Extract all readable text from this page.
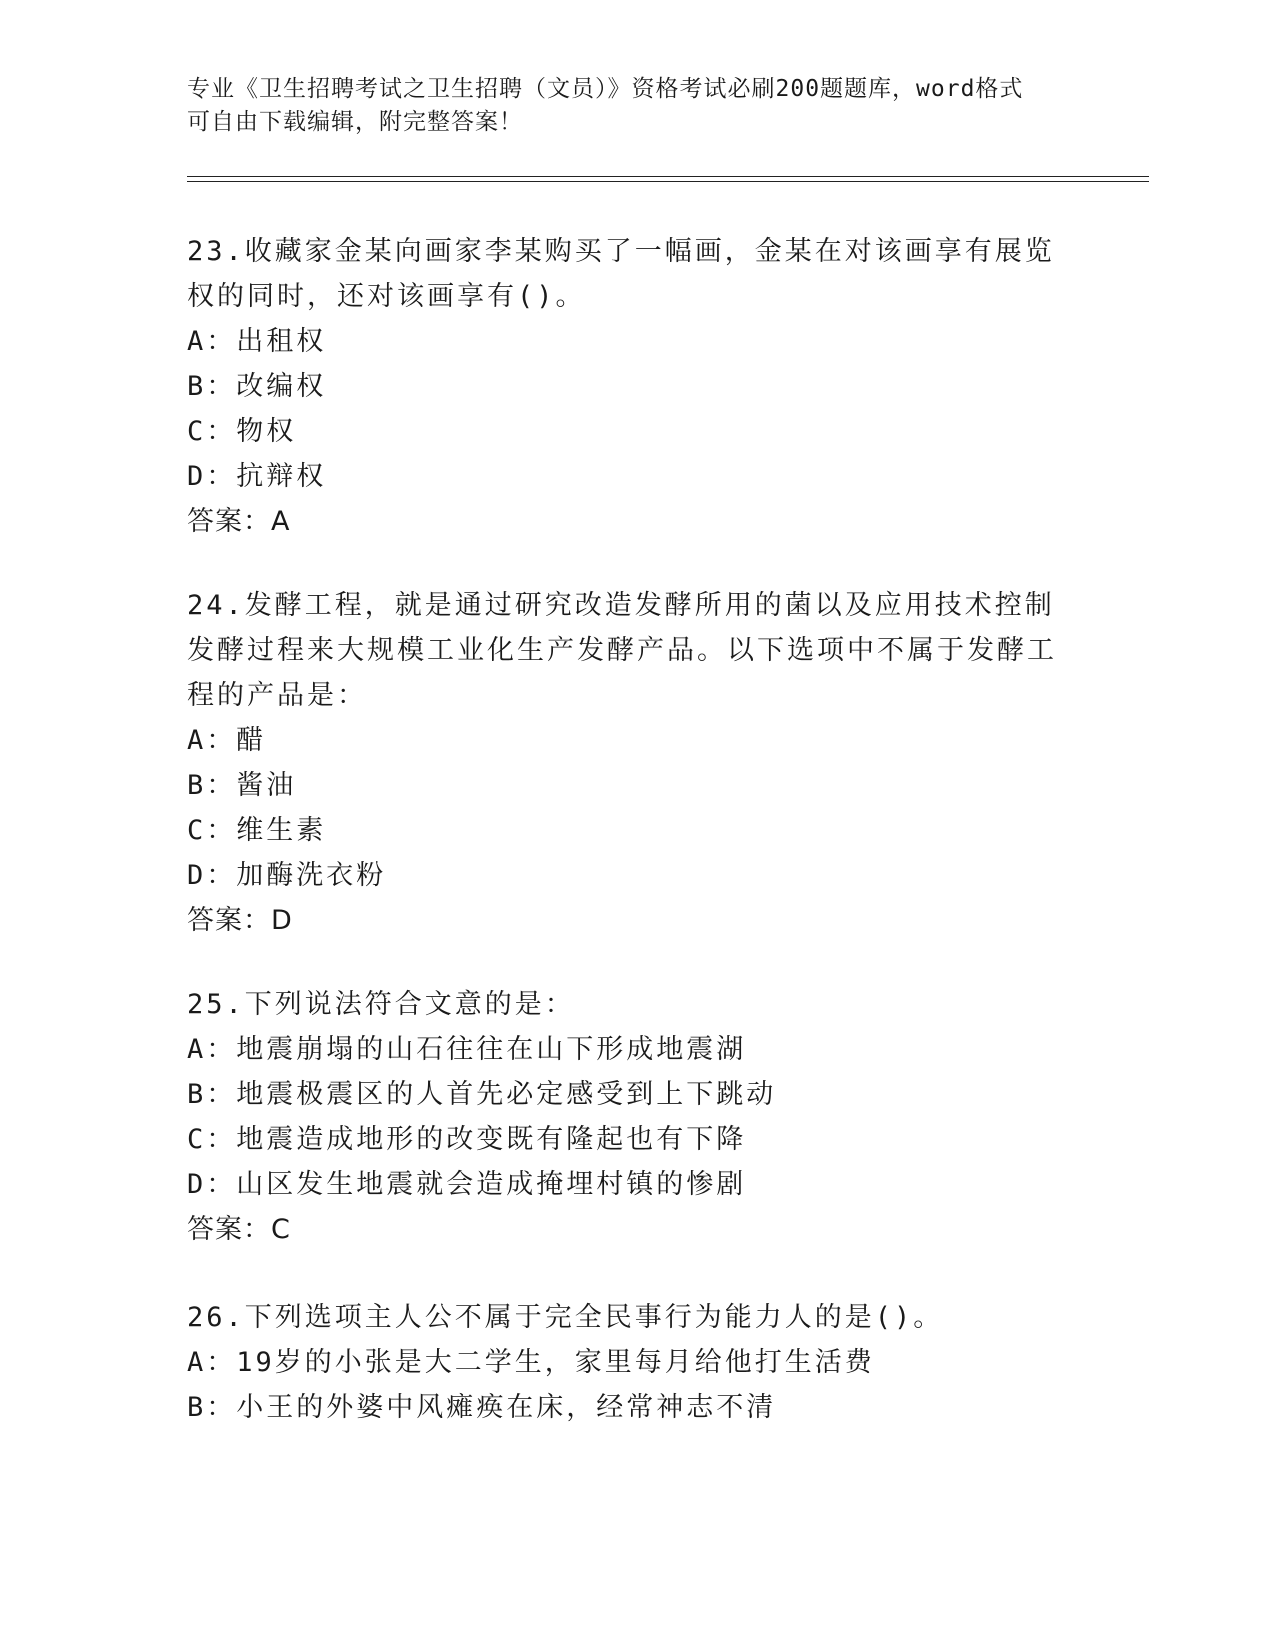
专业《卫生招聘考试之卫生招聘（文员）》资格考试必刷200题题库，word格式
可自由下载编辑，附完整答案！

23.收藏家金某向画家李某购买了一幅画，金某在对该画享有展览权的同时，还对该画享有()。

A：出租权

B：改编权

C：物权

D：抗辩权

答案：A

24.发酵工程，就是通过研究改造发酵所用的菌以及应用技术控制发酵过程来大规模工业化生产发酵产品。以下选项中不属于发酵工程的产品是：

A：醋

B：酱油

C：维生素

D：加酶洗衣粉

答案：D

25.下列说法符合文意的是：

A：地震崩塌的山石往往在山下形成地震湖

B：地震极震区的人首先必定感受到上下跳动

C：地震造成地形的改变既有隆起也有下降

D：山区发生地震就会造成掩埋村镇的惨剧

答案：C

26.下列选项主人公不属于完全民事行为能力人的是()。

A：19岁的小张是大二学生，家里每月给他打生活费

B：小王的外婆中风瘫痪在床，经常神志不清
